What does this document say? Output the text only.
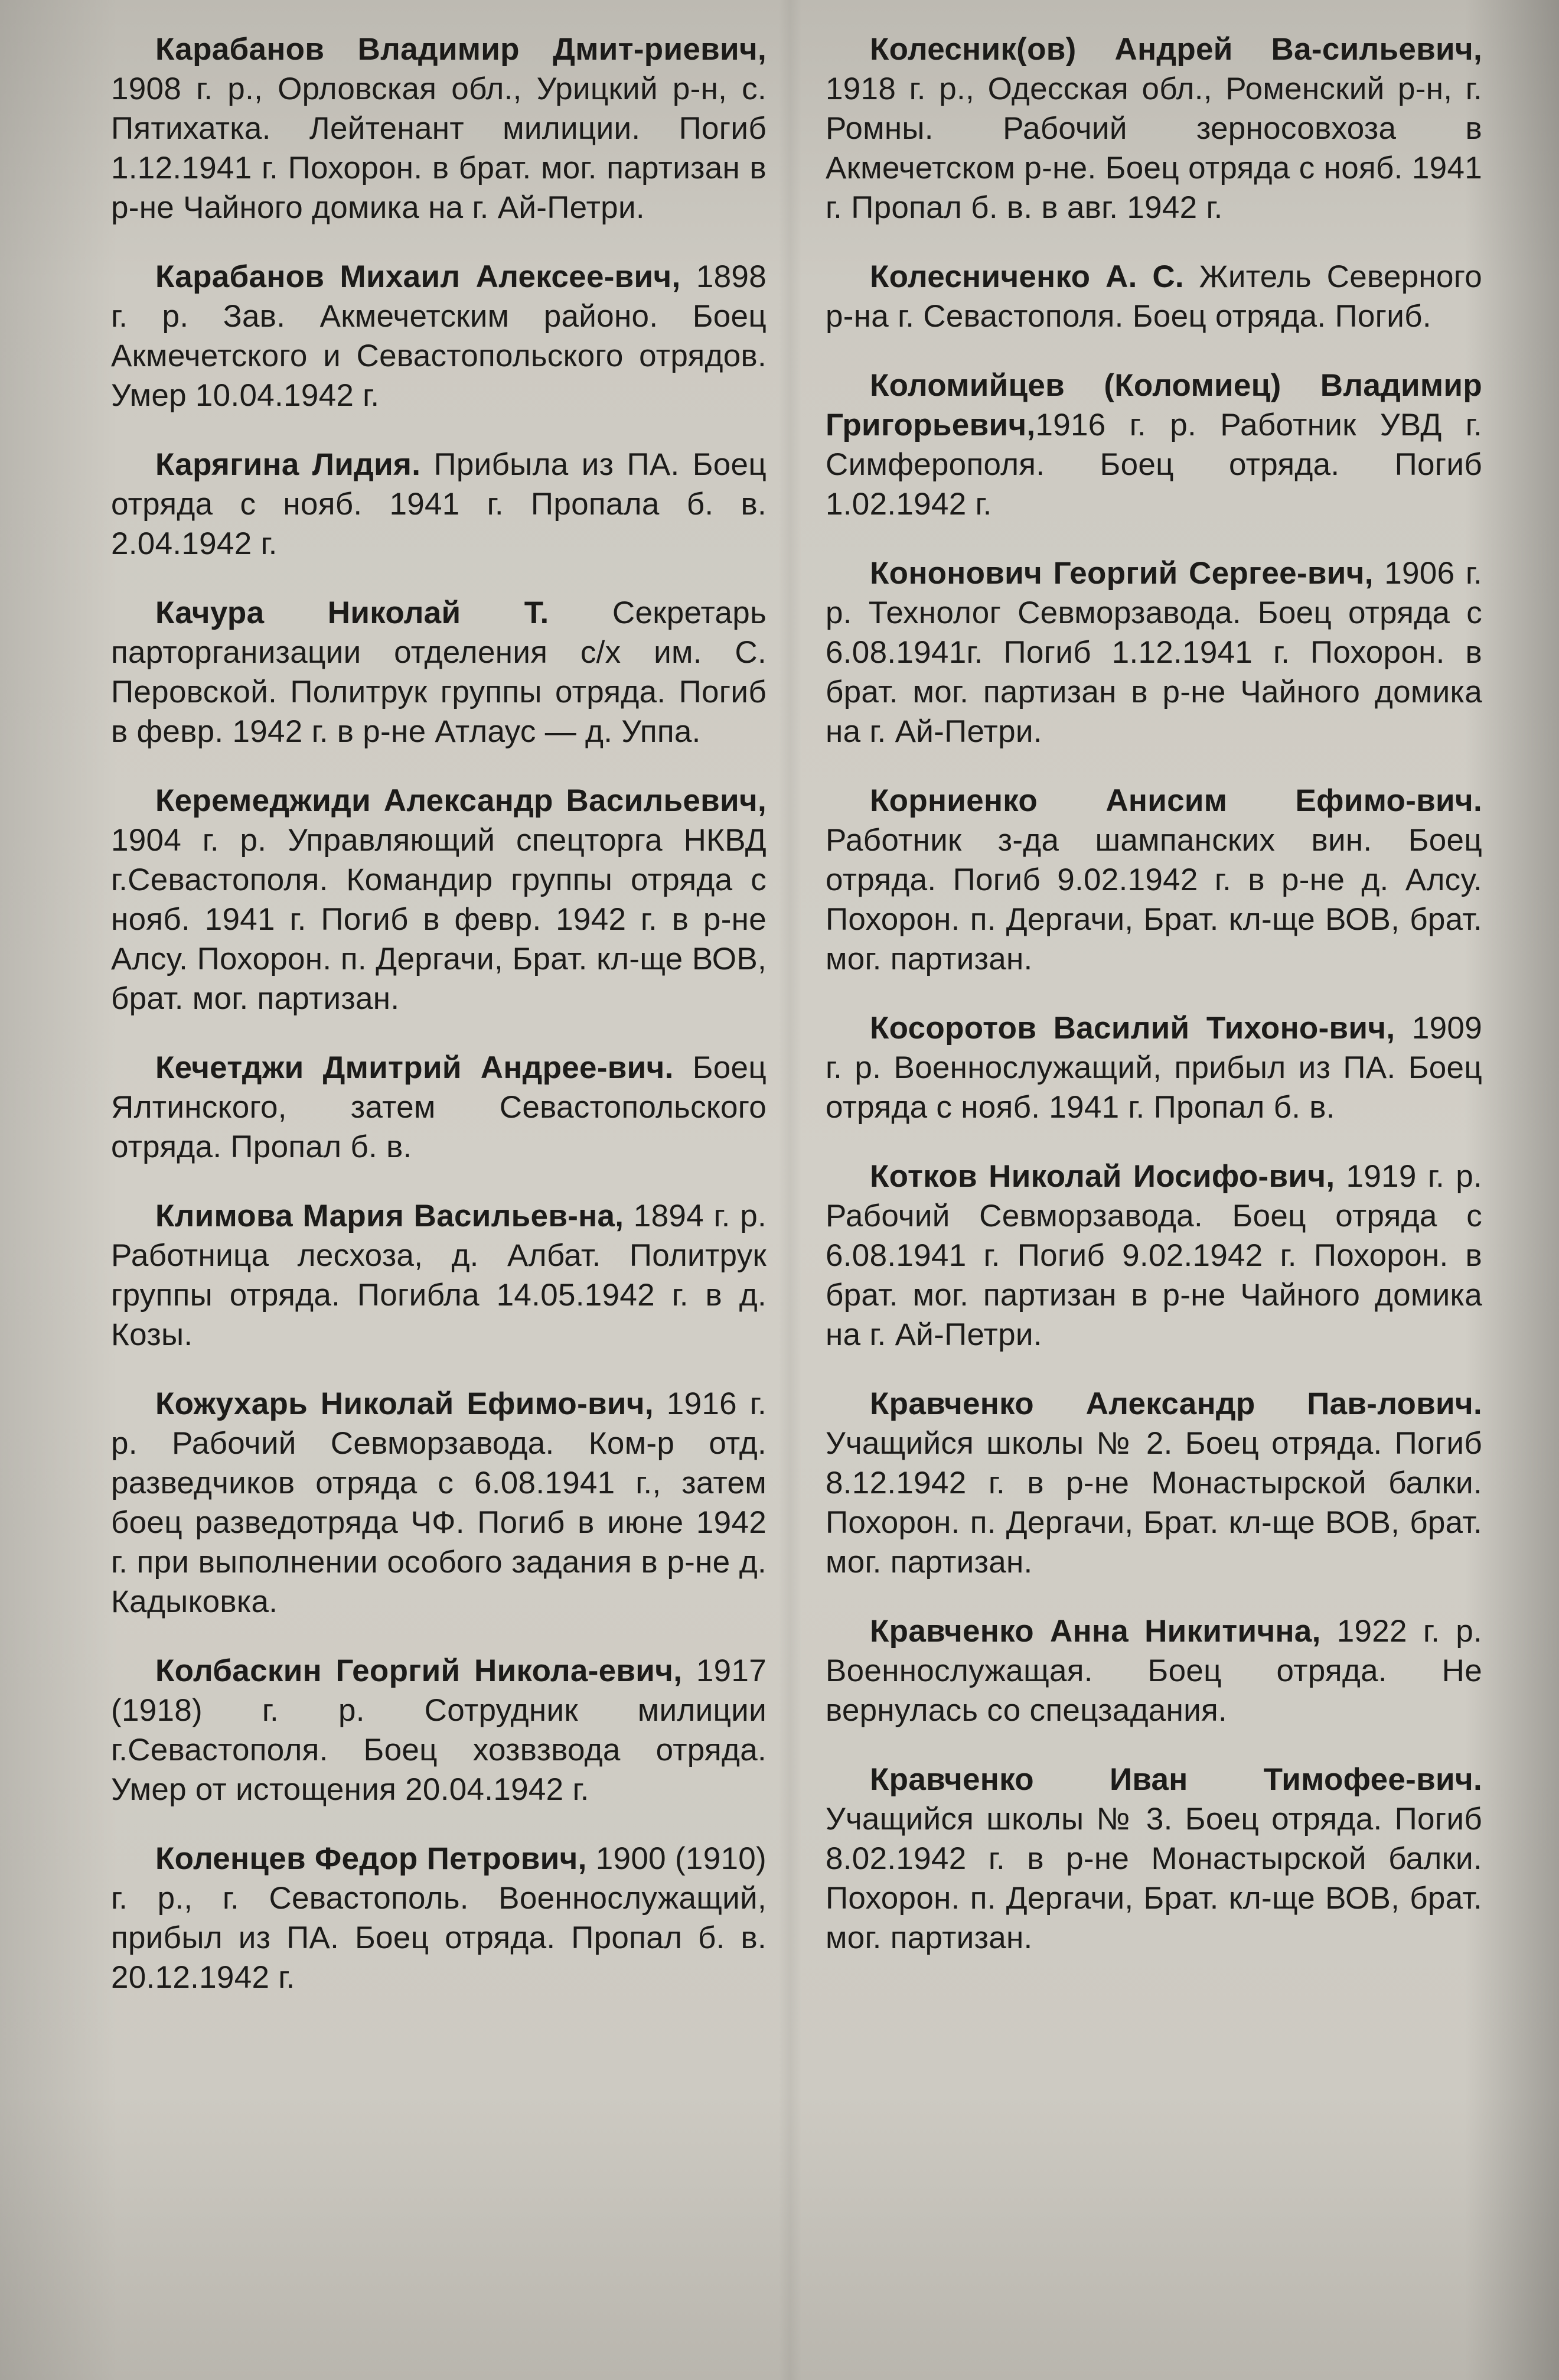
Карабанов Владимир Дмит-риевич, 1908 г. р., Орловская обл., Урицкий р-н, с. Пятихатка. Лейтенант милиции. Погиб 1.12.1941 г. Похорон. в брат. мог. партизан в р-не Чайного домика на г. Ай-Петри.

Карабанов Михаил Алексее-вич, 1898 г. р. Зав. Акмечетским районо. Боец Акмечетского и Севастопольского отрядов. Умер 10.04.1942 г.

Карягина Лидия. Прибыла из ПА. Боец отряда с нояб. 1941 г. Пропала б. в. 2.04.1942 г.

Качура Николай Т. Секретарь парторганизации отделения с/х им. С. Перовской. Политрук группы отряда. Погиб в февр. 1942 г. в р-не Атлаус — д. Уппа.

Керемеджиди Александр Васильевич, 1904 г. р. Управляющий спецторга НКВД г.Севастополя. Командир группы отряда с нояб. 1941 г. Погиб в февр. 1942 г. в р-не Алсу. Похорон. п. Дергачи, Брат. кл-ще ВОВ, брат. мог. партизан.

Кечетджи Дмитрий Андрее-вич. Боец Ялтинского, затем Севастопольского отряда. Пропал б. в.

Климова Мария Васильев-на, 1894 г. р. Работница лесхоза, д. Албат. Политрук группы отряда. Погибла 14.05.1942 г. в д. Козы.

Кожухарь Николай Ефимо-вич, 1916 г. р. Рабочий Севморзавода. Ком-р отд. разведчиков отряда с 6.08.1941 г., затем боец разведотряда ЧФ. Погиб в июне 1942 г. при выполнении особого задания в р-не д. Кадыковка.

Колбаскин Георгий Никола-евич, 1917 (1918) г. р. Сотрудник милиции г.Севастополя. Боец хозвзвода отряда. Умер от истощения 20.04.1942 г.

Коленцев Федор Петрович, 1900 (1910) г. р., г. Севастополь. Военнослужащий, прибыл из ПА. Боец отряда. Пропал б. в. 20.12.1942 г.

Колесник(ов) Андрей Ва-сильевич, 1918 г. р., Одесская обл., Роменский р-н, г. Ромны. Рабочий зерносовхоза в Акмечетском р-не. Боец отряда с нояб. 1941 г. Пропал б. в. в авг. 1942 г.

Колесниченко А. С. Житель Северного р-на г. Севастополя. Боец отряда. Погиб.

Коломийцев (Коломиец) Владимир Григорьевич,1916 г. р. Работник УВД г. Симферополя. Боец отряда. Погиб 1.02.1942 г.

Кононович Георгий Сергее-вич, 1906 г. р. Технолог Севморзавода. Боец отряда с 6.08.1941г. Погиб 1.12.1941 г. Похорон. в брат. мог. партизан в р-не Чайного домика на г. Ай-Петри.

Корниенко Анисим Ефимо-вич. Работник з-да шампанских вин. Боец отряда. Погиб 9.02.1942 г. в р-не д. Алсу. Похорон. п. Дергачи, Брат. кл-ще ВОВ, брат. мог. партизан.

Косоротов Василий Тихоно-вич, 1909 г. р. Военнослужащий, прибыл из ПА. Боец отряда с нояб. 1941 г. Пропал б. в.

Котков Николай Иосифо-вич, 1919 г. р. Рабочий Севморзавода. Боец отряда с 6.08.1941 г. Погиб 9.02.1942 г. Похорон. в брат. мог. партизан в р-не Чайного домика на г. Ай-Петри.

Кравченко Александр Пав-лович. Учащийся школы № 2. Боец отряда. Погиб 8.12.1942 г. в р-не Монастырской балки. Похорон. п. Дергачи, Брат. кл-ще ВОВ, брат. мог. партизан.

Кравченко Анна Никитична, 1922 г. р. Военнослужащая. Боец отряда. Не вернулась со спецзадания.

Кравченко Иван Тимофее-вич. Учащийся школы № 3. Боец отряда. Погиб 8.02.1942 г. в р-не Монастырской балки. Похорон. п. Дергачи, Брат. кл-ще ВОВ, брат. мог. партизан.
